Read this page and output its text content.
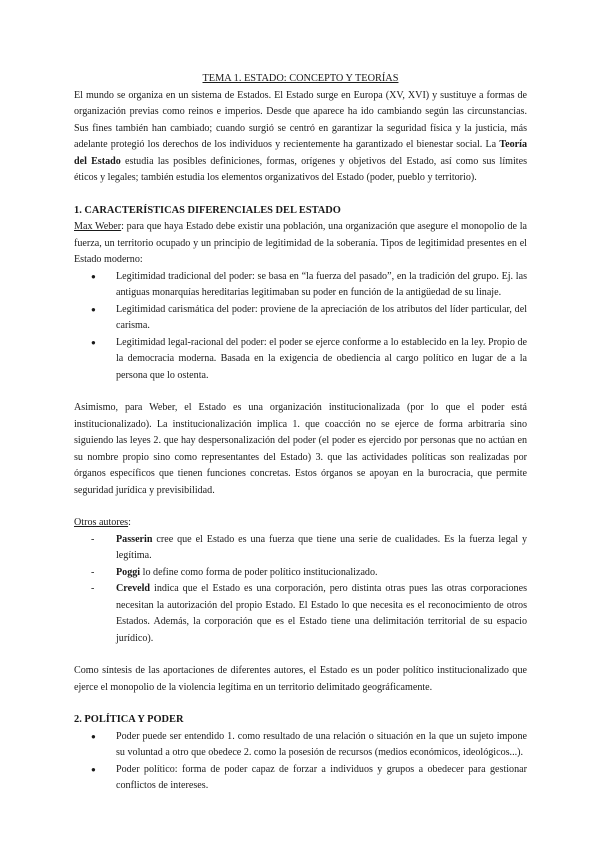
TEMA 1. ESTADO: CONCEPTO Y TEORÍAS

El mundo se organiza en un sistema de Estados. El Estado surge en Europa (XV, XVI) y sustituye a formas de organización previas como reinos e imperios. Desde que aparece ha ido cambiando según las circunstancias. Sus fines también han cambiado; cuando surgió se centró en garantizar la seguridad física y la justicia, más adelante protegió los derechos de los individuos y recientemente ha garantizado el bienestar social. La Teoría del Estado estudia las posibles definiciones, formas, orígenes y objetivos del Estado, así como sus límites éticos y legales; también estudia los elementos organizativos del Estado (poder, pueblo y territorio).

1. CARACTERÍSTICAS DIFERENCIALES DEL ESTADO

Max Weber: para que haya Estado debe existir una población, una organización que asegure el monopolio de la fuerza, un territorio ocupado y un principio de legitimidad de la soberanía. Tipos de legitimidad presentes en el Estado moderno:

● Legitimidad tradicional del poder: se basa en “la fuerza del pasado”, en la tradición del grupo. Ej. las antiguas monarquías hereditarias legitimaban su poder en función de la antigüedad de su linaje.
● Legitimidad carismática del poder: proviene de la apreciación de los atributos del líder particular, del carisma.
● Legitimidad legal-racional del poder: el poder se ejerce conforme a lo establecido en la ley. Propio de la democracia moderna. Basada en la exigencia de obediencia al cargo político en lugar de a la persona que lo ostenta.

Asimismo, para Weber, el Estado es una organización institucionalizada (por lo que el poder está institucionalizado). La institucionalización implica 1. que coacción no se ejerce de forma arbitraria sino siguiendo las leyes 2. que hay despersonalización del poder (el poder es ejercido por personas que no actúan en su nombre propio sino como representantes del Estado) 3. que las actividades políticas son realizadas por órganos específicos que tienen funciones concretas. Estos órganos se apoyan en la burocracia, que permite seguridad jurídica y previsibilidad.

Otros autores:

- Passerin cree que el Estado es una fuerza que tiene una serie de cualidades. Es la fuerza legal y legítima.
- Poggi lo define como forma de poder político institucionalizado.
- Creveld indica que el Estado es una corporación, pero distinta otras pues las otras corporaciones necesitan la autorización del propio Estado. El Estado lo que necesita es el reconocimiento de otros Estados. Además, la corporación que es el Estado tiene una delimitación territorial de su espacio jurídico).

Como síntesis de las aportaciones de diferentes autores, el Estado es un poder político institucionalizado que ejerce el monopolio de la violencia legítima en un territorio delimitado geográficamente.

2. POLÍTICA Y PODER
● Poder puede ser entendido 1. como resultado de una relación o situación en la que un sujeto impone su voluntad a otro que obedece 2. como la posesión de recursos (medios económicos, ideológicos...).
● Poder político: forma de poder capaz de forzar a individuos y grupos a obedecer para gestionar conflictos de intereses.
